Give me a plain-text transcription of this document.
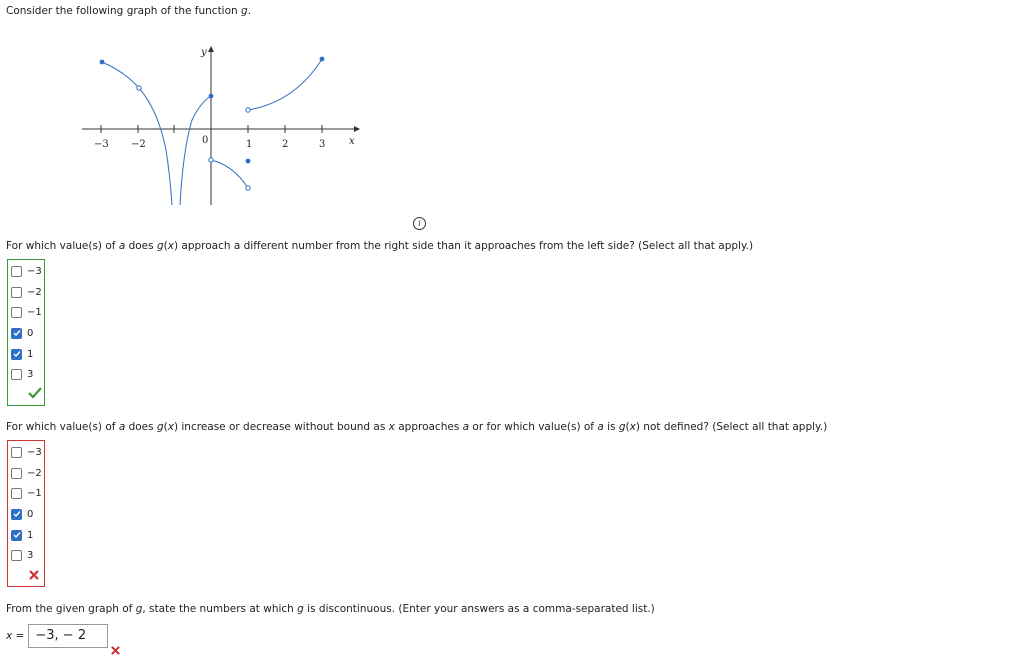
Consider the following graph of the function g.
−3 −2	0	1	2	3
y
x
i
For which value(s) of a does g(x) approach a different number from the right side than it approaches from the left side? (Select all that apply.)
−3
−2
−1
0
1
3
For which value(s) of a does g(x) increase or decrease without bound as x approaches a or for which value(s) of a is g(x) not defined? (Select all that apply.)
−3
−2
−1
0
1
3
From the given graph of g, state the numbers at which g is discontinuous. (Enter your answers as a comma-separated list.)
x = −3, − 2
